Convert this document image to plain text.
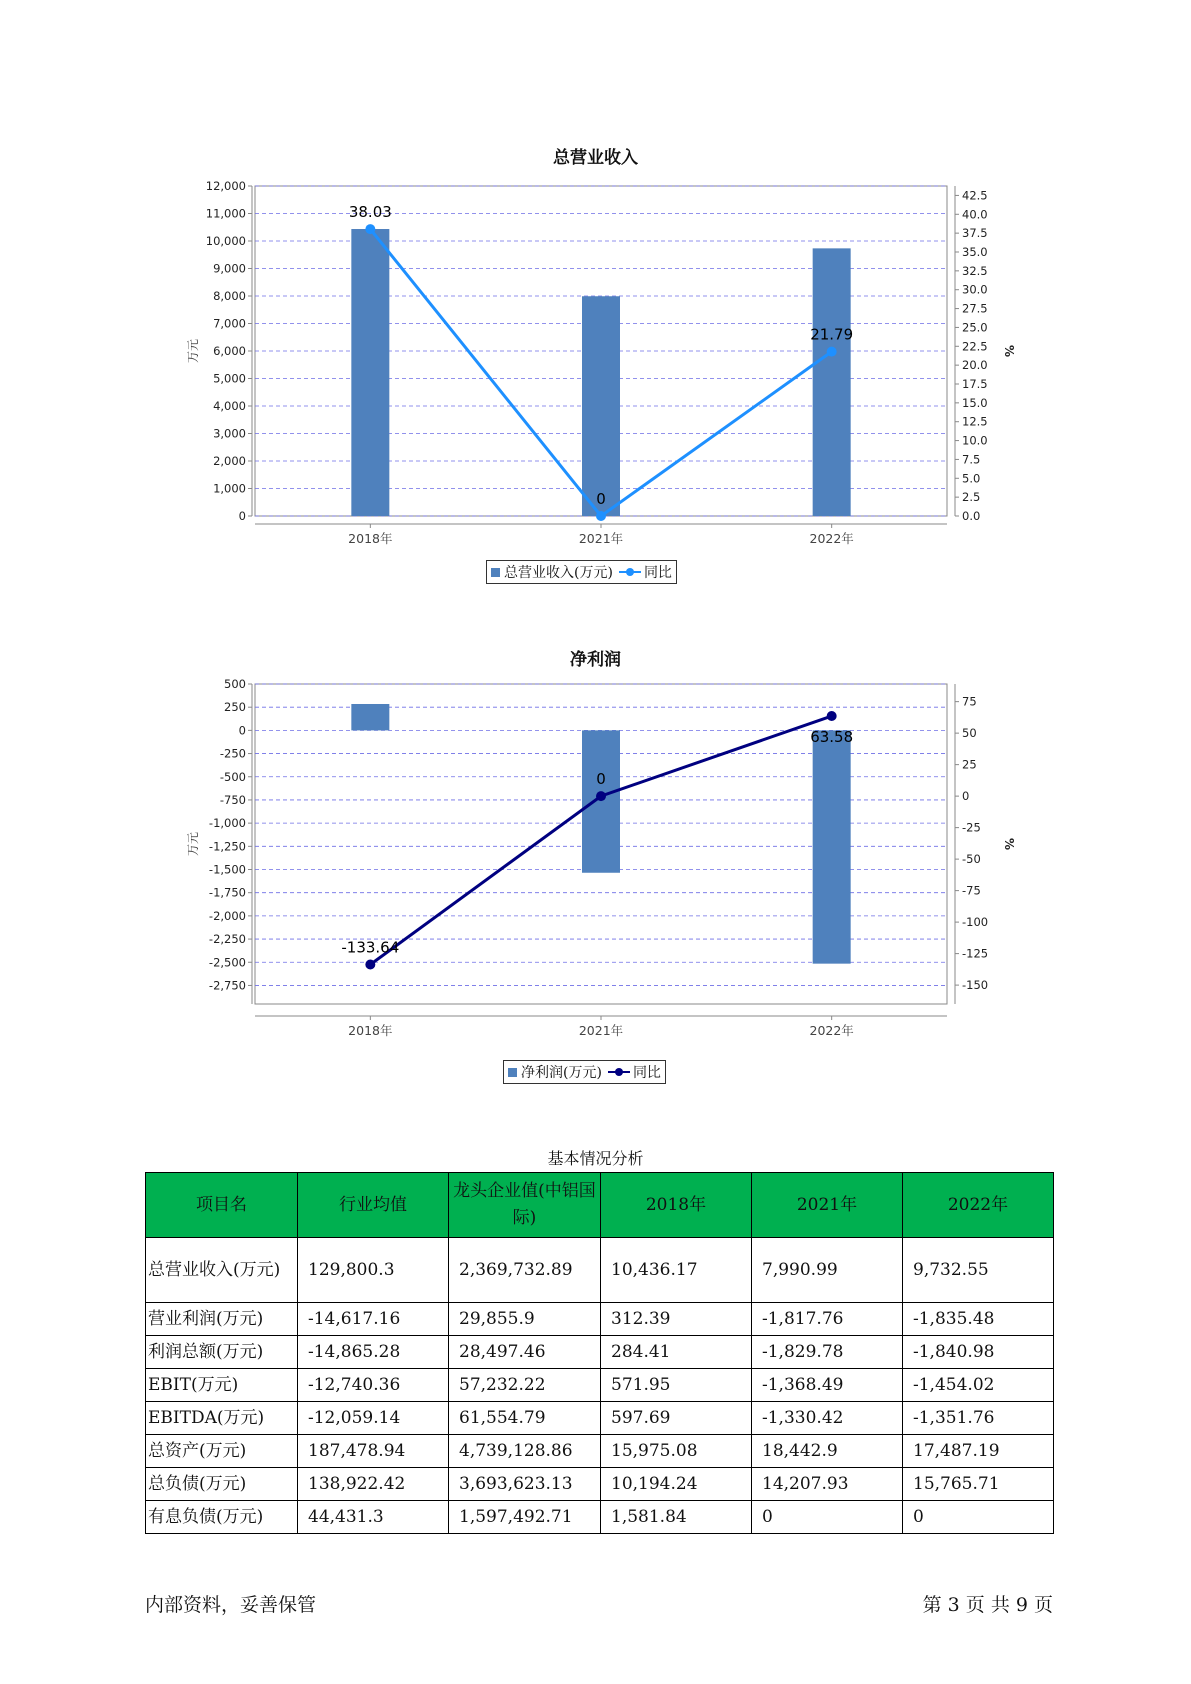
总营业收入
0
1,000
2,000
3,000
4,000
5,000
6,000
7,000
8,000
9,000
10,000
11,000
12,000
0.0
2.5
5.0
7.5
10.0
12.5
15.0
17.5
20.0
22.5
25.0
27.5
30.0
32.5
35.0
37.5
40.0
42.5
万元	%
2018年	2021年	2022年
38.03
0
21.79
总营业收入(万元) 同比
净利润
500
250
0
-250
-500
-750
-1,000
-1,250
-1,500
-1,750
-2,000
-2,250
-2,500
-2,750
75
50
25
0
-25
-50
-75
-100
-125
-150
万元	%
2018年	2021年	2022年
-133.64
0
63.58
净利润(万元) 同比
基本情况分析
项目名	行业均值	龙头企业值(中铝国际)	2018年	2021年	2022年
总营业收入(万元)	129,800.3	2,369,732.89	10,436.17	7,990.99	9,732.55
营业利润(万元)	-14,617.16	29,855.9	312.39	-1,817.76	-1,835.48
利润总额(万元)	-14,865.28	28,497.46	284.41	-1,829.78	-1,840.98
EBIT(万元)	-12,740.36	57,232.22	571.95	-1,368.49	-1,454.02
EBITDA(万元)	-12,059.14	61,554.79	597.69	-1,330.42	-1,351.76
总资产(万元)	187,478.94	4,739,128.86	15,975.08	18,442.9	17,487.19
总负债(万元)	138,922.42	3,693,623.13	10,194.24	14,207.93	15,765.71
有息负债(万元)	44,431.3	1,597,492.71	1,581.84	0	0
内部资料，妥善保管	第 3 页 共 9 页
